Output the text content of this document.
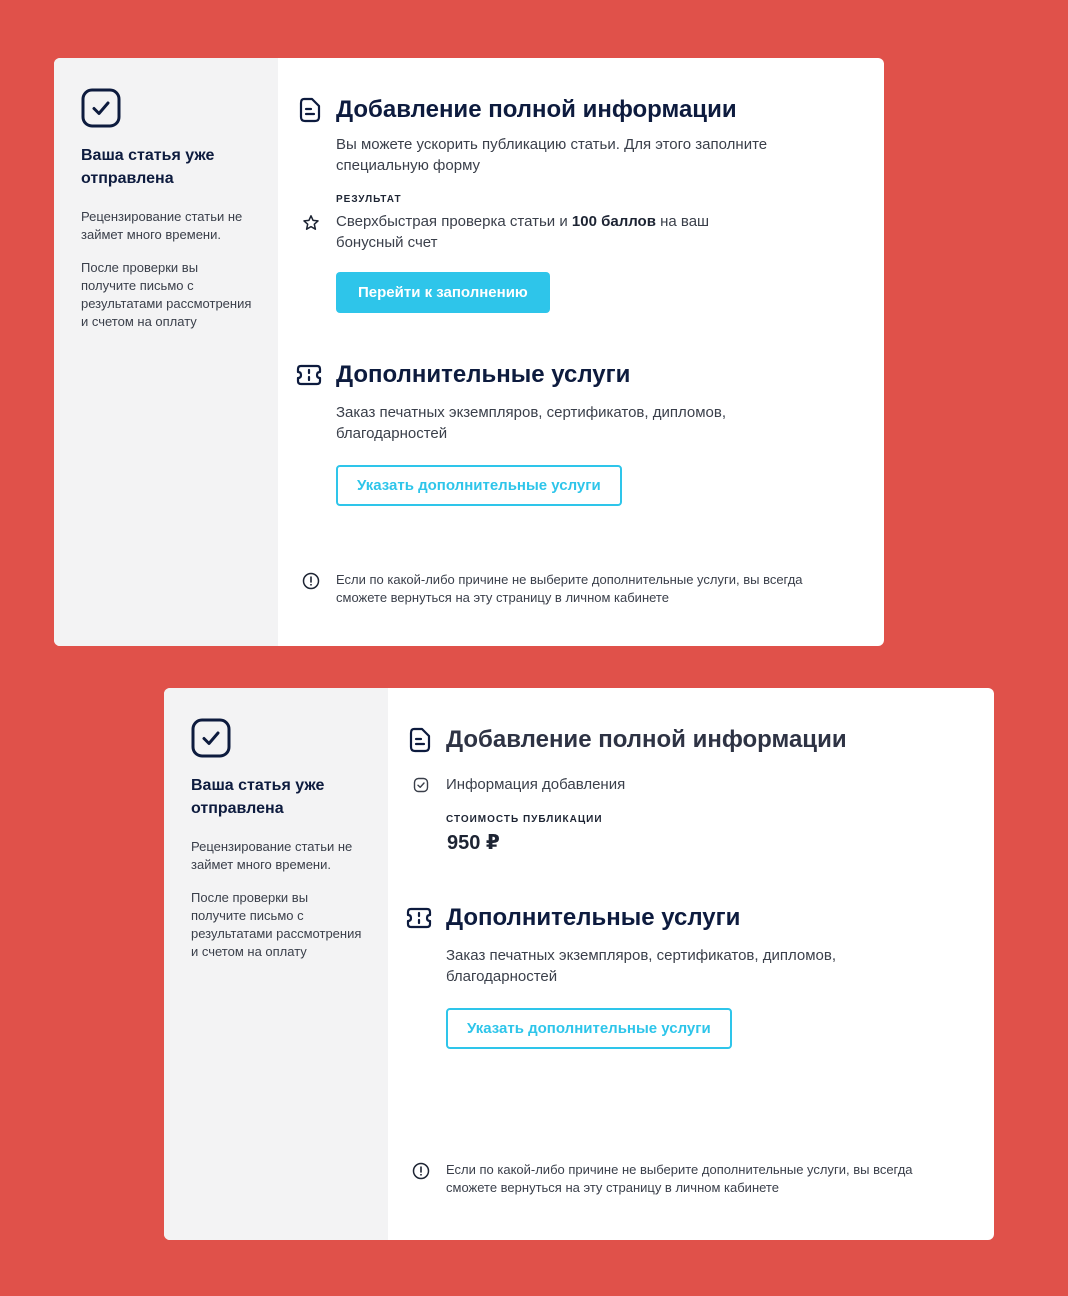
Ваша статья уже отправлена

Рецензирование статьи не займет много времени.

После проверки вы получите письмо с результатами рассмотрения и счетом на оплату

Добавление полной информации

Вы можете ускорить публикацию статьи. Для этого заполните специальную форму

РЕЗУЛЬТАТ

Сверхбыстрая проверка статьи и 100 баллов на ваш бонусный счет

Перейти к заполнению
Дополнительные услуги

Заказ печатных экземпляров, сертификатов, дипломов, благодарностей

Указать дополнительные услуги

Если по какой-либо причине не выберите дополнительные услуги, вы всегда сможете вернуться на эту страницу в личном кабинете

Ваша статья уже отправлена

Рецензирование статьи не займет много времени.

После проверки вы получите письмо с результатами рассмотрения и счетом на оплату

Добавление полной информации

Информация добавления

СТОИМОСТЬ ПУБЛИКАЦИИ
950 ₽
Дополнительные услуги

Заказ печатных экземпляров, сертификатов, дипломов, благодарностей

Указать дополнительные услуги

Если по какой-либо причине не выберите дополнительные услуги, вы всегда сможете вернуться на эту страницу в личном кабинете
